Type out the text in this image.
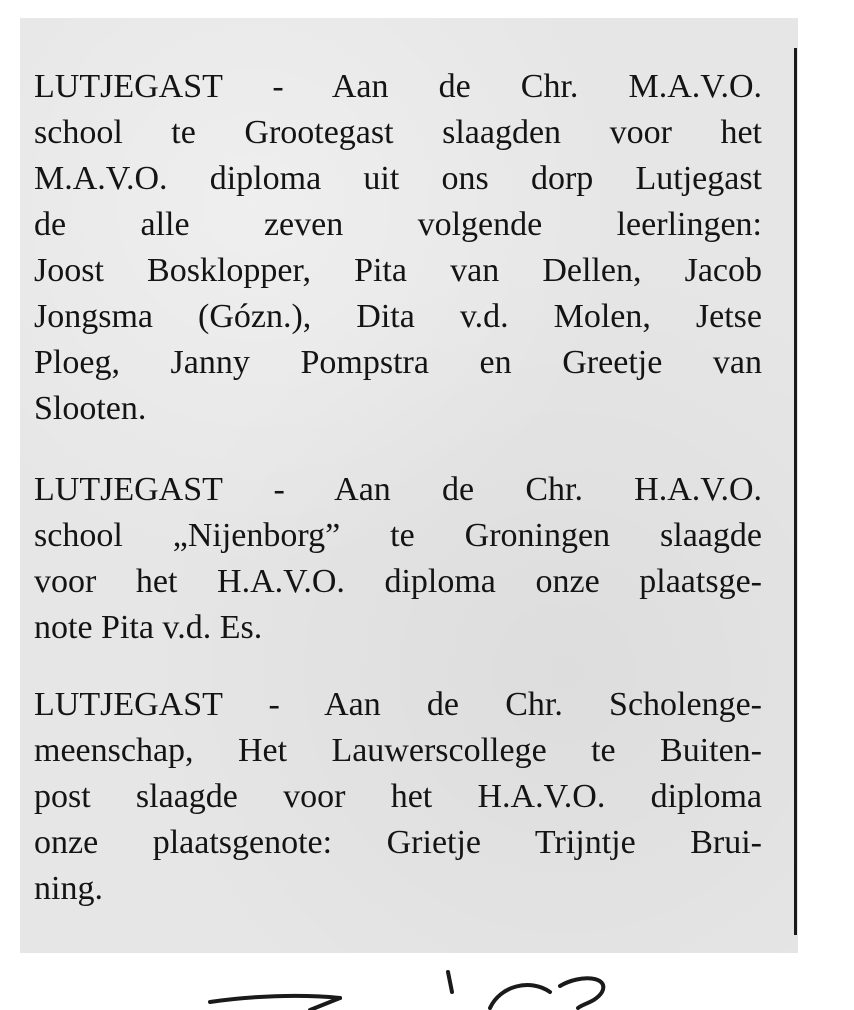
LUTJEGAST - Aan de Chr. M.A.V.O.
school te Grootegast slaagden voor het
M.A.V.O. diploma uit ons dorp Lutjegast
de alle zeven volgende leerlingen:
Joost Bosklopper, Pita van Dellen, Jacob
Jongsma (Gózn.), Dita v.d. Molen, Jetse
Ploeg, Janny Pompstra en Greetje van
Slooten.
LUTJEGAST - Aan de Chr. H.A.V.O.
school „Nijenborg” te Groningen slaagde
voor het H.A.V.O. diploma onze plaatsge-
note Pita v.d. Es.
LUTJEGAST - Aan de Chr. Scholenge-
meenschap, Het Lauwerscollege te Buiten-
post slaagde voor het H.A.V.O. diploma
onze plaatsgenote: Grietje Trijntje Brui-
ning.
